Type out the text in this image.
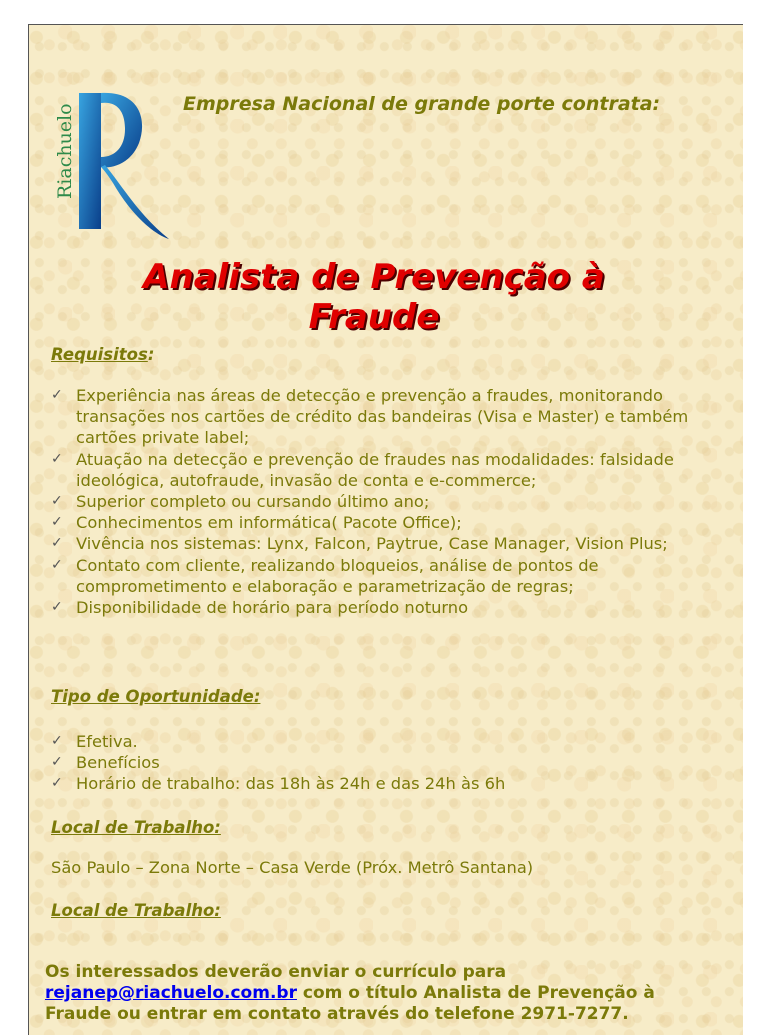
Riachuelo	Empresa Nacional de grande porte contrata:

Analista de Prevenção à
Fraude

Requisitos:

✓ Experiência nas áreas de detecção e prevenção a fraudes, monitorando transações nos cartões de crédito das bandeiras (Visa e Master) e também cartões private label;
✓ Atuação na detecção e prevenção de fraudes nas modalidades: falsidade ideológica, autofraude, invasão de conta e e-commerce;
✓ Superior completo ou cursando último ano;
✓ Conhecimentos em informática( Pacote Office);
✓ Vivência nos sistemas: Lynx, Falcon, Paytrue, Case Manager, Vision Plus;
✓ Contato com cliente, realizando bloqueios, análise de pontos de comprometimento e elaboração e parametrização de regras;
✓ Disponibilidade de horário para período noturno

Tipo de Oportunidade:

✓ Efetiva.
✓ Benefícios
✓ Horário de trabalho: das 18h às 24h e das 24h às 6h

Local de Trabalho:

São Paulo – Zona Norte – Casa Verde (Próx. Metrô Santana)

Local de Trabalho:

Os interessados deverão enviar o currículo para
rejanep@riachuelo.com.br com o título Analista de Prevenção à Fraude ou entrar em contato através do telefone 2971-7277.
